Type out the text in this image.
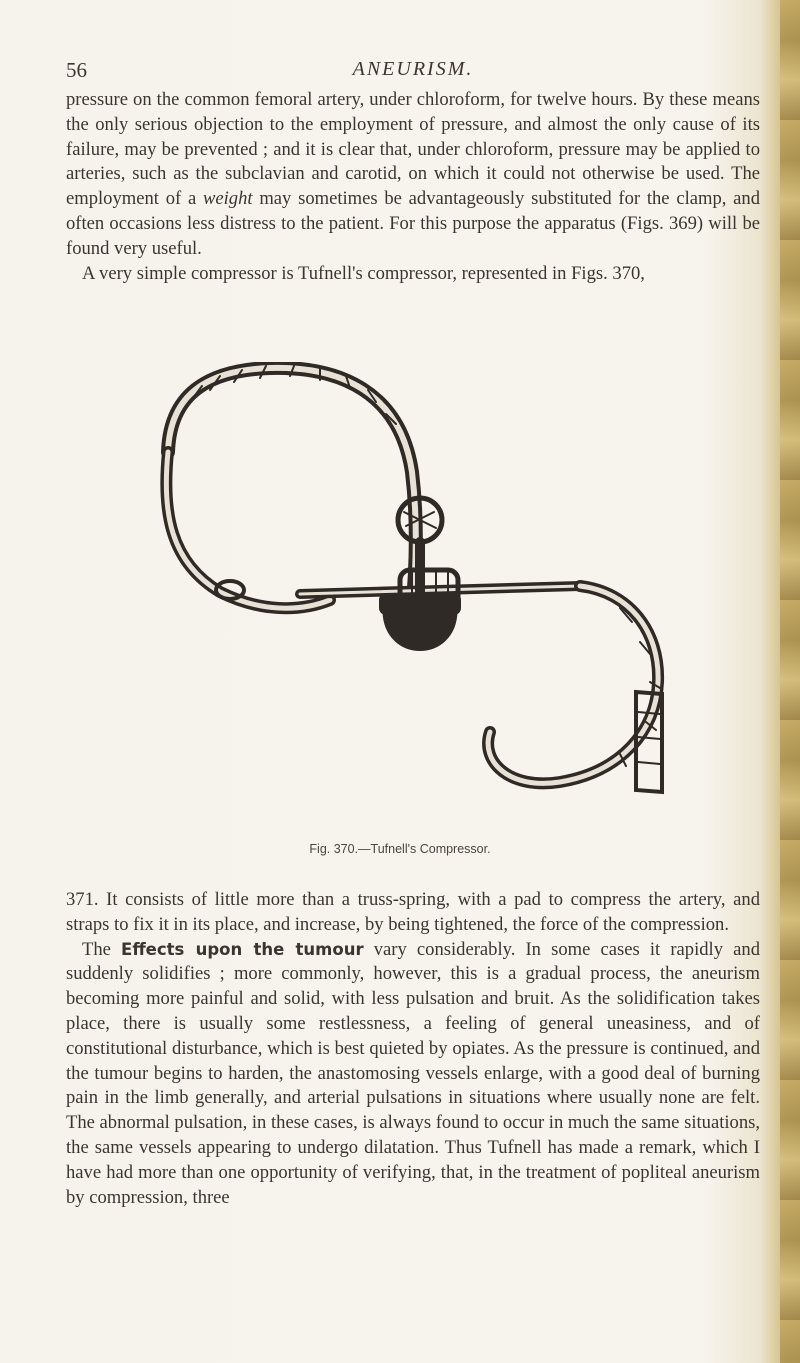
56	ANEURISM.

pressure on the common femoral artery, under chloroform, for twelve hours. By these means the only serious objection to the employment of pressure, and almost the only cause of its failure, may be prevented ; and it is clear that, under chloroform, pressure may be applied to arteries, such as the subclavian and carotid, on which it could not otherwise be used. The employment of a weight may sometimes be advantageously substituted for the clamp, and often occasions less distress to the patient. For this purpose the apparatus (Figs. 369) will be found very useful.

A very simple compressor is Tufnell's compressor, represented in Figs. 370,

Fig. 370.—Tufnell's Compressor.

371. It consists of little more than a truss-spring, with a pad to compress the artery, and straps to fix it in its place, and increase, by being tightened, the force of the compression.

The Effects upon the tumour vary considerably. In some cases it rapidly and suddenly solidifies ; more commonly, however, this is a gradual process, the aneurism becoming more painful and solid, with less pulsation and bruit. As the solidification takes place, there is usually some restlessness, a feeling of general uneasiness, and of constitutional disturbance, which is best quieted by opiates. As the pressure is continued, and the tumour begins to harden, the anastomosing vessels enlarge, with a good deal of burning pain in the limb generally, and arterial pulsations in situations where usually none are felt. The abnormal pulsation, in these cases, is always found to occur in much the same situations, the same vessels appearing to undergo dilatation. Thus Tufnell has made a remark, which I have had more than one opportunity of verifying, that, in the treatment of popliteal aneurism by compression, three
